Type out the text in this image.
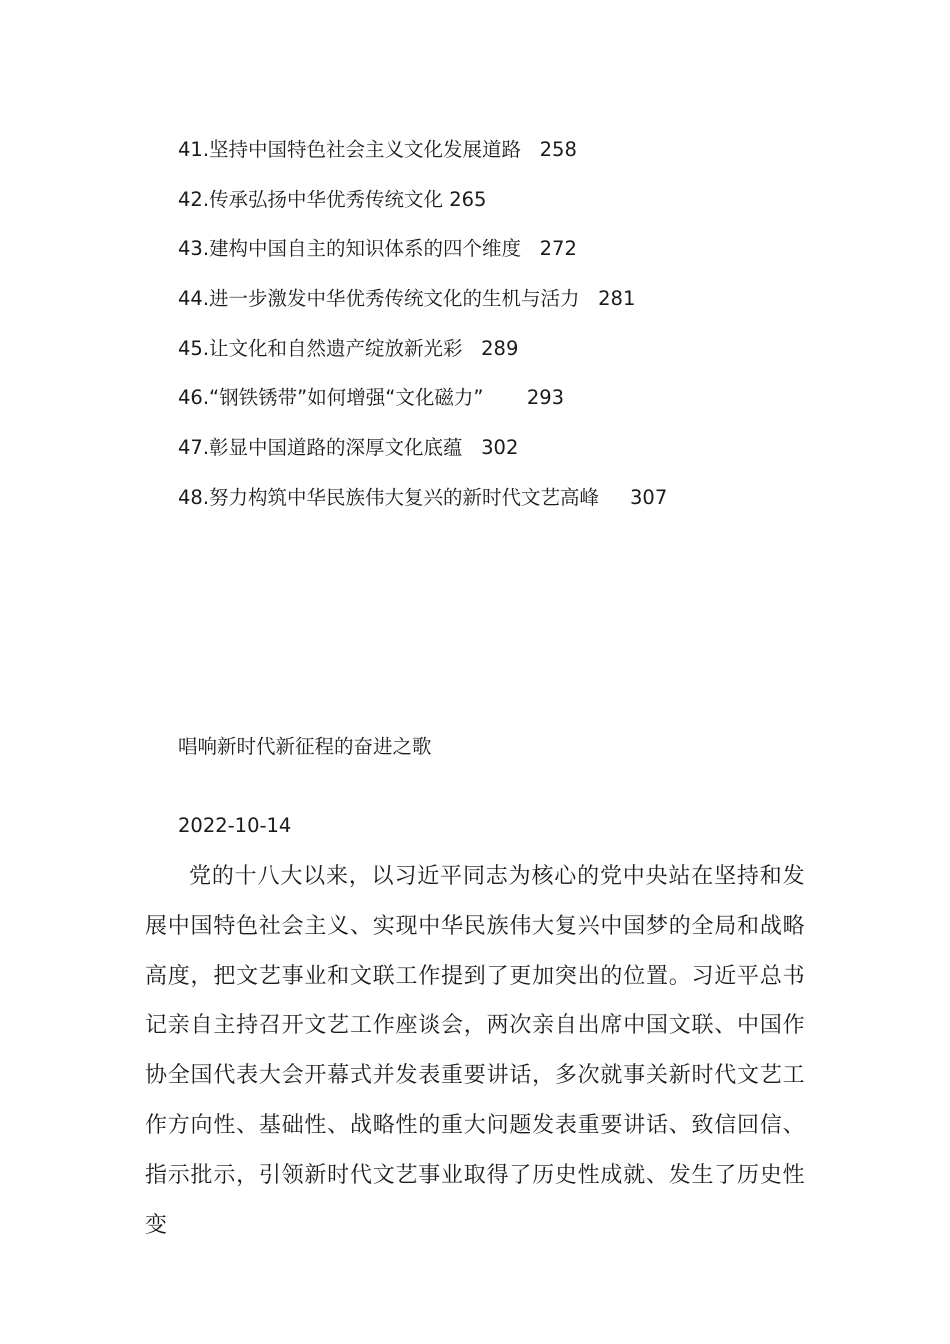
41.坚持中国特色社会主义文化发展道路 258
42.传承弘扬中华优秀传统文化 265
43.建构中国自主的知识体系的四个维度 272
44.进一步激发中华优秀传统文化的生机与活力 281
45.让文化和自然遗产绽放新光彩 289
46.“钢铁锈带”如何增强“文化磁力” 293
47.彰显中国道路的深厚文化底蕴 302
48.努力构筑中华民族伟大复兴的新时代文艺高峰 307
唱响新时代新征程的奋进之歌
2022-10-14

党的十八大以来，以习近平同志为核心的党中央站在坚持和发展中国特色社会主义、实现中华民族伟大复兴中国梦的全局和战略高度，把文艺事业和文联工作提到了更加突出的位置。习近平总书记亲自主持召开文艺工作座谈会，两次亲自出席中国文联、中国作协全国代表大会开幕式并发表重要讲话，多次就事关新时代文艺工作方向性、基础性、战略性的重大问题发表重要讲话、致信回信、指示批示，引领新时代文艺事业取得了历史性成就、发生了历史性变
